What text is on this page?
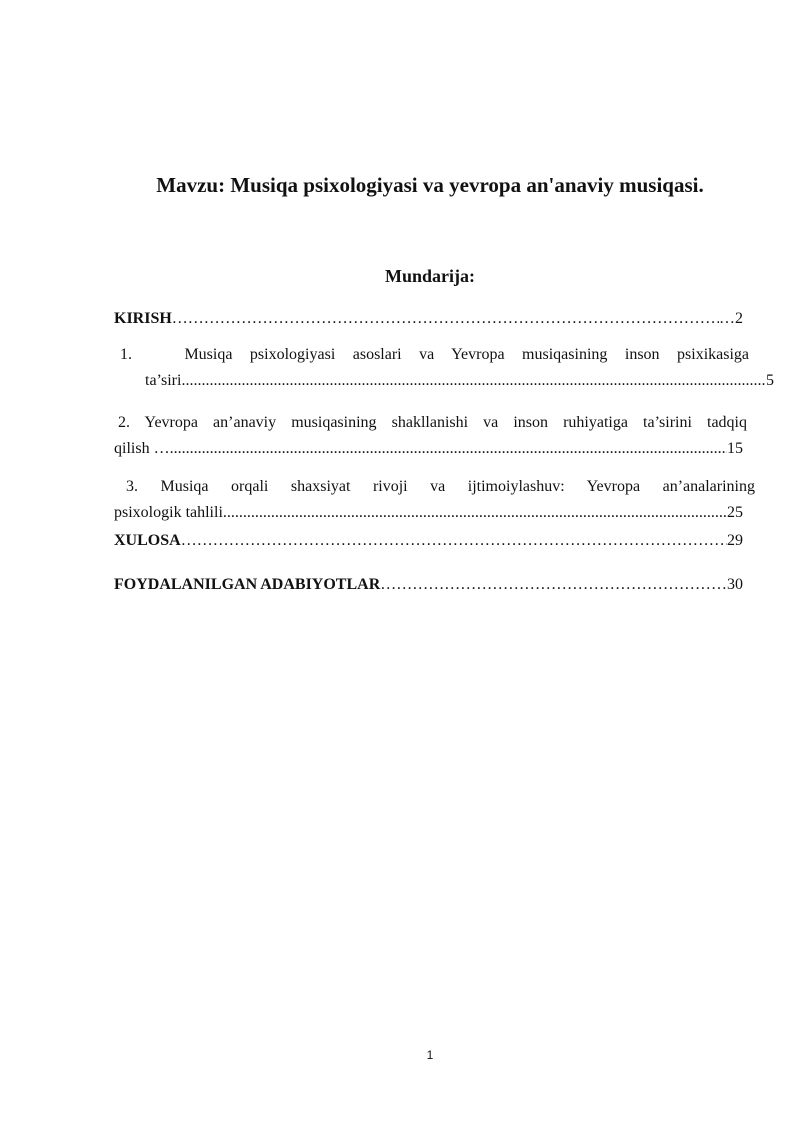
Mavzu: Musiqa psixologiyasi va yevropa an'anaviy musiqasi.
Mundarija:
KIRISH ………………………………………………………………………………………………………………………………………………	…2
1.	Musiqa psixologiyasi asoslari va Yevropa musiqasining inson psixikasiga
ta’siri .....	5
2. Yevropa an’anaviy musiqasining shakllanishi va inson ruhiyatiga ta’sirini tadqiq
qilish … .....	15
3. Musiqa orqali shaxsiyat rivoji va ijtimoiylashuv: Yevropa an’analarining
psixologik tahlili .....	25
XULOSA ………………………………………………………………………………………………………………………………………………	29
FOYDALANILGAN ADABIYOTLAR ………………………………………………………………………………………………………………………………………………	…30
1
